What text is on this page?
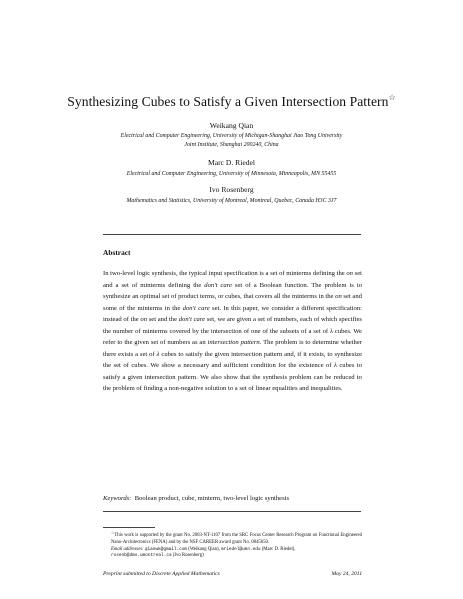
Synthesizing Cubes to Satisfy a Given Intersection Pattern☆
Weikang Qian
Electrical and Computer Engineering, University of Michigan-Shanghai Jiao Tong University
Joint Institute, Shanghai 200240, China
Marc D. Riedel
Electrical and Computer Engineering, University of Minnesota, Minneapolis, MN 55455
Ivo Rosenberg
Mathematics and Statistics, University of Montreal, Montreal, Quebec, Canada H3C 3J7
Abstract
In two-level logic synthesis, the typical input specification is a set of minterms defining the on set and a set of minterms defining the don't care set of a Boolean function. The problem is to synthesize an optimal set of product terms, or cubes, that covers all the minterms in the on set and some of the minterms in the don't care set. In this paper, we consider a different specification: instead of the on set and the don't care set, we are given a set of numbers, each of which specifies the number of minterms covered by the intersection of one of the subsets of a set of λ cubes. We refer to the given set of numbers as an intersection pattern. The problem is to determine whether there exists a set of λ cubes to satisfy the given intersection pattern and, if it exists, to synthesize the set of cubes. We show a necessary and sufficient condition for the existence of λ cubes to satisfy a given intersection pattern. We also show that the synthesis problem can be reduced to the problem of finding a non-negative solution to a set of linear equalities and inequalities.
Keywords: Boolean product, cube, minterm, two-level logic synthesis
☆This work is supported by the grant No. 2003-NT-1107 from the SRC Focus Center Research Program on Functional Engineered Nano-Architectonics (FENA) and by the NSF CAREER award grant No. 0845650.
Email addresses: qianwk@gmail.com (Weikang Qian), mriedel@umn.edu (Marc D. Riedel),
rosenb@dms.umontreal.ca (Ivo Rosenberg)
Preprint submitted to Discrete Applied Mathematics	May 24, 2011
